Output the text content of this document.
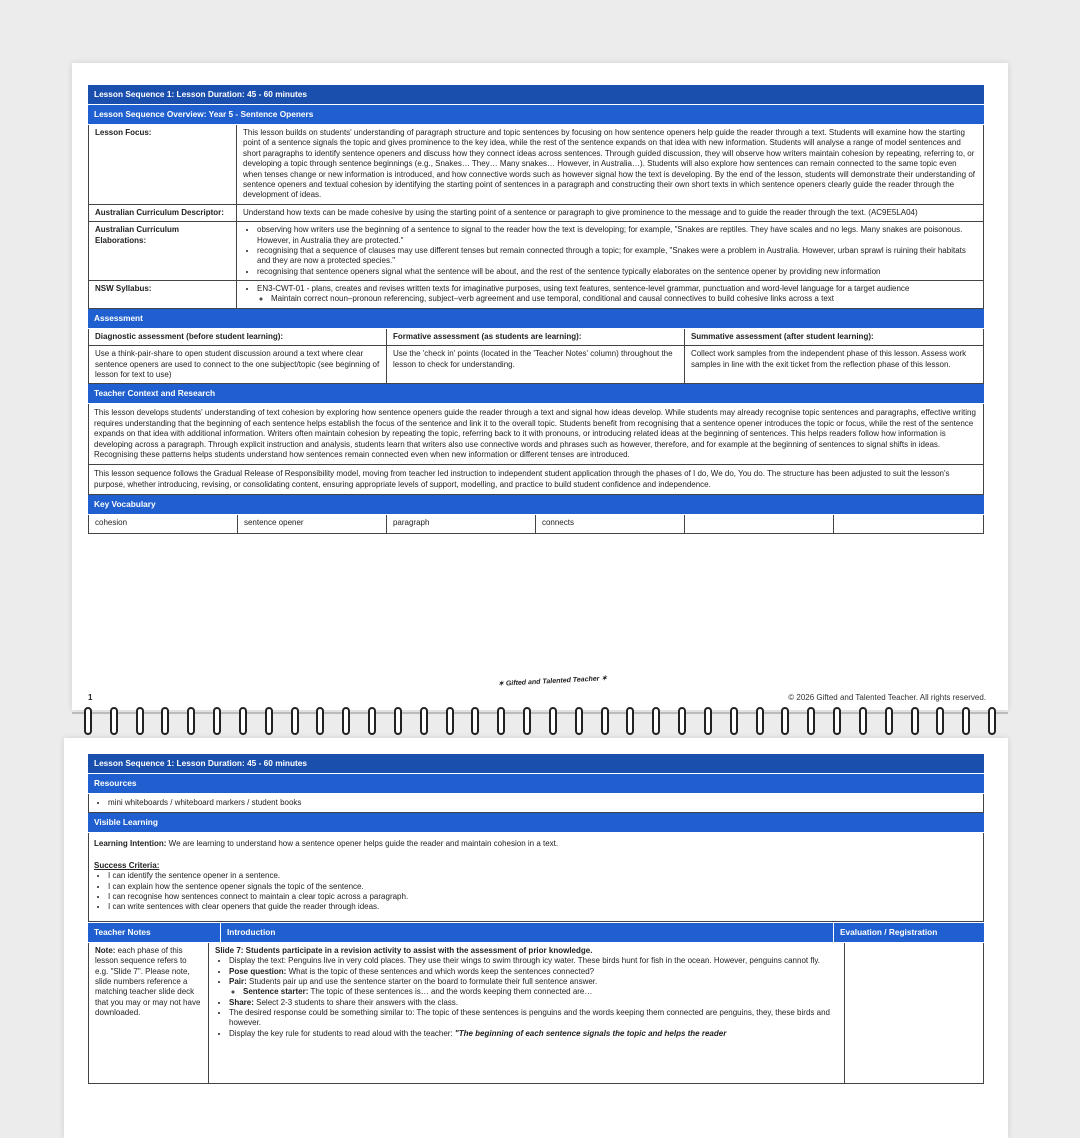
Lesson Sequence 1: Lesson Duration: 45 - 60 minutes
Lesson Sequence Overview: Year 5 - Sentence Openers
Lesson Focus:	This lesson builds on students' understanding of paragraph structure and topic sentences by focusing on how sentence openers help guide the reader through a text. Students will examine how the starting point of a sentence signals the topic and gives prominence to the key idea, while the rest of the sentence expands on that idea with new information. Students will analyse a range of model sentences and short paragraphs to identify sentence openers and discuss how they connect ideas across sentences. Through guided discussion, they will observe how writers maintain cohesion by repeating, referring to, or developing a topic through sentence beginnings (e.g., Snakes… They… Many snakes… However, in Australia…). Students will also explore how sentences can remain connected to the same topic even when tenses change or new information is introduced, and how connective words such as however signal how the text is developing. By the end of the lesson, students will demonstrate their understanding of sentence openers and textual cohesion by identifying the starting point of sentences in a paragraph and constructing their own short texts in which sentence openers clearly guide the reader through the development of ideas.
Australian Curriculum Descriptor:	Understand how texts can be made cohesive by using the starting point of a sentence or paragraph to give prominence to the message and to guide the reader through the text. (AC9E5LA04)
Australian Curriculum Elaborations:
• observing how writers use the beginning of a sentence to signal to the reader how the text is developing; for example, "Snakes are reptiles. They have scales and no legs. Many snakes are poisonous. However, in Australia they are protected."
• recognising that a sequence of clauses may use different tenses but remain connected through a topic; for example, "Snakes were a problem in Australia. However, urban sprawl is ruining their habitats and they are now a protected species."
• recognising that sentence openers signal what the sentence will be about, and the rest of the sentence typically elaborates on the sentence opener by providing new information
NSW Syllabus:
•	EN3-CWT-01 - plans, creates and revises written texts for imaginative purposes, using text features, sentence-level grammar, punctuation and word-level language for a target audience
◦ Maintain correct noun–pronoun referencing, subject–verb agreement and use temporal, conditional and causal connectives to build cohesive links across a text
Assessment
Diagnostic assessment (before student learning):	Formative assessment (as students are learning):	Summative assessment (after student learning):
Use a think-pair-share to open student discussion around a text where clear sentence openers are used to connect to the one subject/topic (see beginning of lesson for text to use)
Use the 'check in' points (located in the 'Teacher Notes' column) throughout the lesson to check for understanding.
Collect work samples from the independent phase of this lesson. Assess work samples in line with the exit ticket from the reflection phase of this lesson.
Teacher Context and Research
This lesson develops students' understanding of text cohesion by exploring how sentence openers guide the reader through a text and signal how ideas develop. While students may already recognise topic sentences and paragraphs, effective writing requires understanding that the beginning of each sentence helps establish the focus of the sentence and link it to the overall topic. Students benefit from recognising that a sentence opener introduces the topic or focus, while the rest of the sentence expands on that idea with additional information. Writers often maintain cohesion by repeating the topic, referring back to it with pronouns, or introducing related ideas at the beginning of sentences. This helps readers follow how information is developing across a paragraph. Through explicit instruction and analysis, students learn that writers also use connective words and phrases such as however, therefore, and for example at the beginning of sentences to signal shifts in ideas. Recognising these patterns helps students understand how sentences remain connected even when new information or different tenses are introduced.
This lesson sequence follows the Gradual Release of Responsibility model, moving from teacher led instruction to independent student application through the phases of I do, We do, You do. The structure has been adjusted to suit the lesson's purpose, whether introducing, revising, or consolidating content, ensuring appropriate levels of support, modelling, and practice to build student confidence and independence.
Key Vocabulary
cohesion	sentence opener	paragraph	connects
1
✶ Gifted and Talented Teacher ✶
© 2026 Gifted and Talented Teacher. All rights reserved.
Lesson Sequence 1: Lesson Duration: 45 - 60 minutes
Resources
• mini whiteboards / whiteboard markers / student books
Visible Learning
Learning Intention: We are learning to understand how a sentence opener helps guide the reader and maintain cohesion in a text.
Success Criteria:
• I can identify the sentence opener in a sentence.
• I can explain how the sentence opener signals the topic of the sentence.
• I can recognise how sentences connect to maintain a clear topic across a paragraph.
• I can write sentences with clear openers that guide the reader through ideas.
Teacher Notes	Introduction	Evaluation / Registration
Note: each phase of this lesson sequence refers to e.g. "Slide 7". Please note, slide numbers reference a matching teacher slide deck that you may or may not have downloaded.
Slide 7: Students participate in a revision activity to assist with the assessment of prior knowledge.
• Display the text: Penguins live in very cold places. They use their wings to swim through icy water. These birds hunt for fish in the ocean. However, penguins cannot fly.
• Pose question: What is the topic of these sentences and which words keep the sentences connected?
• Pair: Students pair up and use the sentence starter on the board to formulate their full sentence answer.
◦ Sentence starter: The topic of these sentences is… and the words keeping them connected are…
• Share: Select 2-3 students to share their answers with the class.
• The desired response could be something similar to: The topic of these sentences is penguins and the words keeping them connected are penguins, they, these birds and however.
• Display the key rule for students to read aloud with the teacher: "The beginning of each sentence signals the topic and helps the reader
